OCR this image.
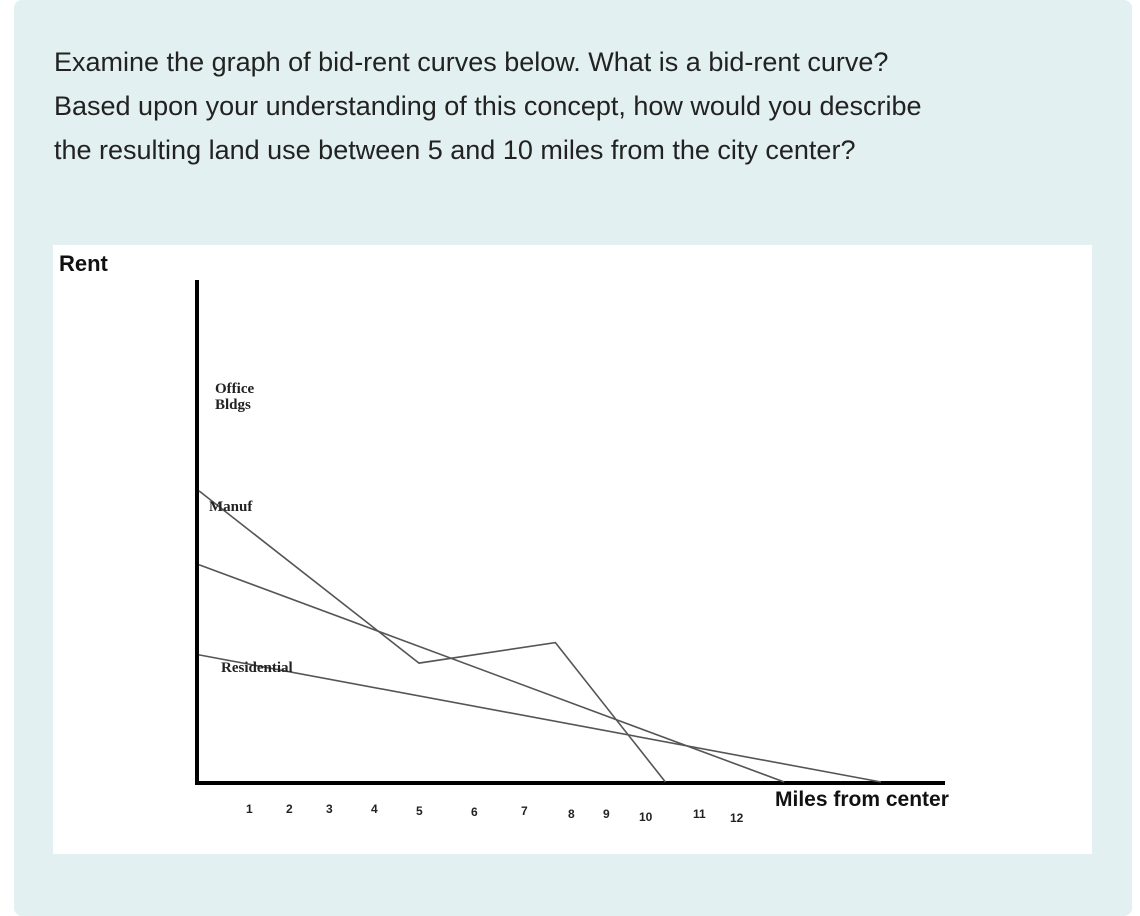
Examine the graph of bid-rent curves below. What is a bid-rent curve?

Based upon your understanding of this concept, how would you describe

the resulting land use between 5 and 10 miles from the city center?

Rent
Miles from center
Office Bldgs
Manuf
Residential
1	2	3	4	5	6	7	8 9 10	11 12
